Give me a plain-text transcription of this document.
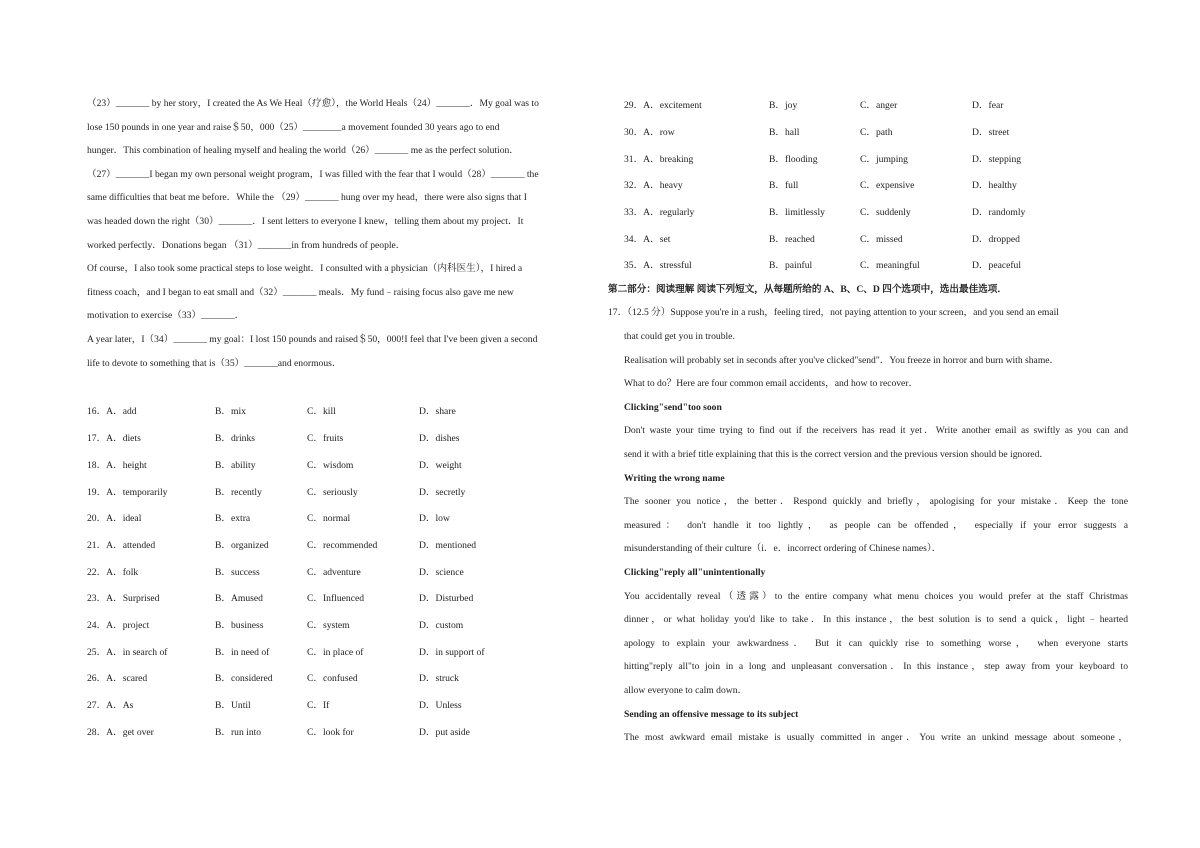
（23）_______ by her story，I created the As We Heal（疗愈），the World Heals（24）_______．My goal was to
lose 150 pounds in one year and raise＄50，000（25）________a movement founded 30 years ago to end
hunger．This combination of healing myself and healing the world（26）_______ me as the perfect solution．
（27）_______I began my own personal weight program，I was filled with the fear that I would（28）_______ the
same difficulties that beat me before．While the （29）_______ hung over my head，there were also signs that I
was headed down the right（30）_______．I sent letters to everyone I knew，telling them about my project．It
worked perfectly．Donations began （31）_______in from hundreds of people．
Of course，I also took some practical steps to lose weight．I consulted with a physician（内科医生），I hired a
fitness coach，and I began to eat small and（32）_______ meals．My fund﹣raising focus also gave me new
motivation to exercise（33）_______．
A year later，I（34）_______ my goal：I lost 150 pounds and raised＄50，000!I feel that I've been given a second
life to devote to something that is（35）_______and enormous．
16．A．add	B．mix	C．kill	D．share
17．A．diets	B．drinks	C．fruits	D．dishes
18．A．height	B．ability	C．wisdom	D．weight
19．A．temporarily	B．recently	C．seriously	D．secretly
20．A．ideal	B．extra	C．normal	D．low
21．A．attended	B．organized	C．recommended	D．mentioned
22．A．folk	B．success	C．adventure	D．science
23．A．Surprised	B．Amused	C．Influenced	D．Disturbed
24．A．project	B．business	C．system	D．custom
25．A．in search of	B．in need of	C．in place of	D．in support of
26．A．scared	B．considered	C．confused	D．struck
27．A．As	B．Until	C．If	D．Unless
28．A．get over	B．run into	C．look for	D．put aside
29．A．excitement	B．joy	C．anger	D．fear
30．A．row	B．hall	C．path	D．street
31．A．breaking	B．flooding	C．jumping	D．stepping
32．A．heavy	B．full	C．expensive	D．healthy
33．A．regularly	B．limitlessly	C．suddenly	D．randomly
34．A．set	B．reached	C．missed	D．dropped
35．A．stressful	B．painful	C．meaningful	D．peaceful
第二部分：阅读理解 阅读下列短文，从每题所给的 A、B、C、D 四个选项中，选出最佳选项．
17．（12.5 分）Suppose you're in a rush，feeling tired，not paying attention to your screen，and you send an email
that could get you in trouble.
Realisation will probably set in seconds after you've clicked"send"．You freeze in horror and burn with shame．
What to do？Here are four common email accidents，and how to recover．
Clicking"send"too soon
Don't waste your time trying to find out if the receivers has read it yet．Write another email as swiftly as you can and
send it with a brief title explaining that this is the correct version and the previous version should be ignored．
Writing the wrong name
The sooner you notice，the better．Respond quickly and briefly，apologising for your mistake．Keep the tone
measured： don't handle it too lightly， as people can be offended， especially if your error suggests a
misunderstanding of their culture（i．e．incorrect ordering of Chinese names）．
Clicking"reply all"unintentionally
You accidentally reveal（透露）to the entire company what menu choices you would prefer at the staff Christmas
dinner，or what holiday you'd like to take．In this instance，the best solution is to send a quick，light﹣hearted
apology to explain your awkwardness． But it can quickly rise to something worse， when everyone starts
hitting"reply all"to join in a long and unpleasant conversation．In this instance，step away from your keyboard to
allow everyone to calm down．
Sending an offensive message to its subject
The most awkward email mistake is usually committed in anger．You write an unkind message about someone，
